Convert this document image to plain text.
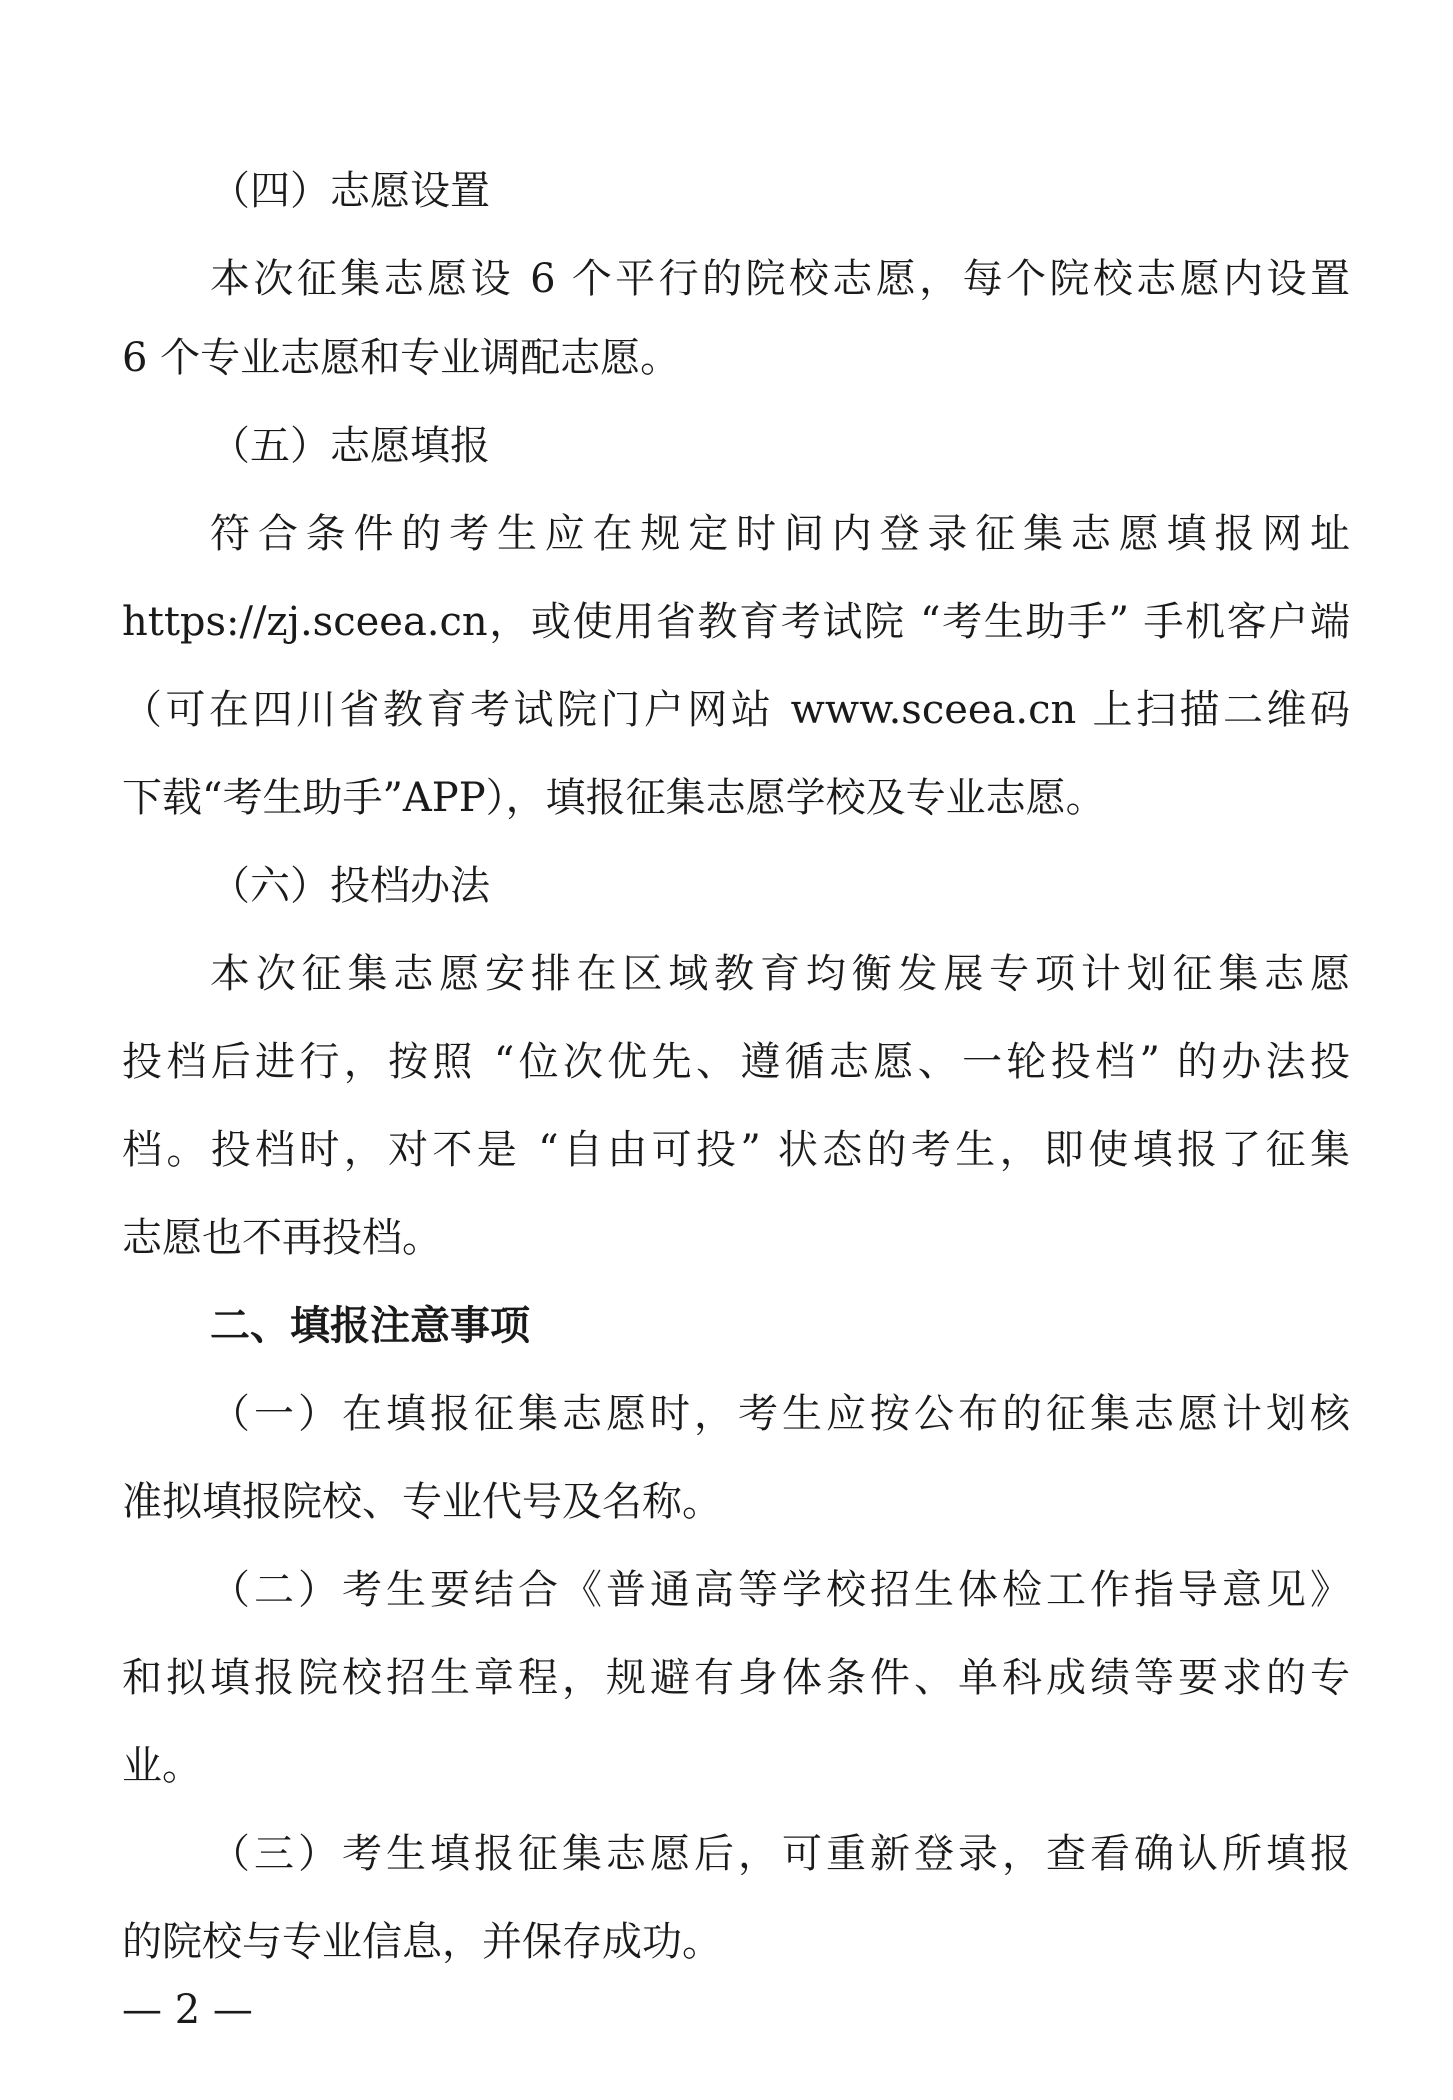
（四）志愿设置

本次征集志愿设 6 个平行的院校志愿，每个院校志愿内设置

6 个专业志愿和专业调配志愿。

（五）志愿填报

符合条件的考生应在规定时间内登录征集志愿填报网址

https://zj.sceea.cn，或使用省教育考试院 “考生助手” 手机客户端

（可在四川省教育考试院门户网站 www.sceea.cn 上扫描二维码

下载“考生助手”APP），填报征集志愿学校及专业志愿。

（六）投档办法

本次征集志愿安排在区域教育均衡发展专项计划征集志愿

投档后进行，按照 “位次优先、遵循志愿、一轮投档” 的办法投

档。投档时，对不是 “自由可投” 状态的考生，即使填报了征集

志愿也不再投档。

二、填报注意事项

（一）在填报征集志愿时，考生应按公布的征集志愿计划核

准拟填报院校、专业代号及名称。

（二）考生要结合《普通高等学校招生体检工作指导意见》

和拟填报院校招生章程，规避有身体条件、单科成绩等要求的专

业。

（三）考生填报征集志愿后，可重新登录，查看确认所填报

的院校与专业信息，并保存成功。

— 2 —
